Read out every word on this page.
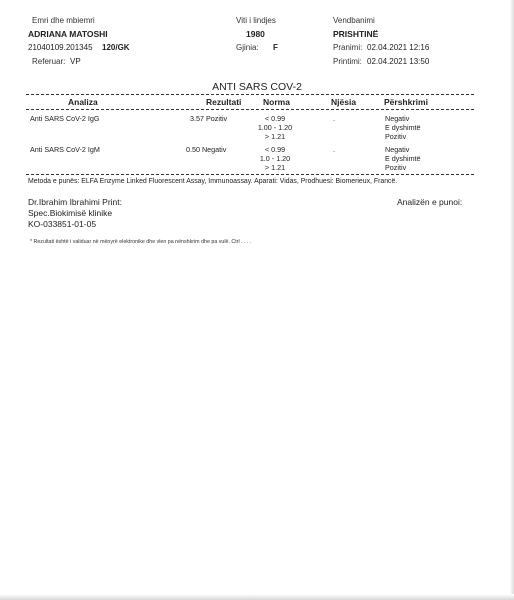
Emri dhe mbiemri
ADRIANA MATOSHI
21040109.201345 120/GK
Referuar: VP
Viti i lindjes
1980
Gjinia: F
Vendbanimi
PRISHTINË
Pranimi: 02.04.2021 12:16
Printimi: 02.04.2021 13:50
ANTI SARS COV-2
Analiza	Rezultati	Norma	Njësia	Përshkrimi
Anti SARS CoV-2 IgG	3.57 Pozitiv	< 0.99
1.00 - 1.20
> 1.21
.	Negativ
E dyshimtë
Pozitiv
Anti SARS CoV-2 IgM	0.50 Negativ	< 0.99
1.0 - 1.20
> 1.21
.	Negativ
E dyshimtë
Pozitiv
Metoda e punës: ELFA Enzyme Linked Fluorescent Assay, Immunoassay. Aparati: Vidas, Prodhuesi: Biomerieux, Francë.
Dr.Ibrahim Ibrahimi Print:
Spec.Biokimisë klinike
KO-033851-01-05
Analizën e punoi:
* Rezultati është i validuar në mënyrë elektronike dhe vlen pa nënshkrim dhe pa vulë. Ctrl . . . .
